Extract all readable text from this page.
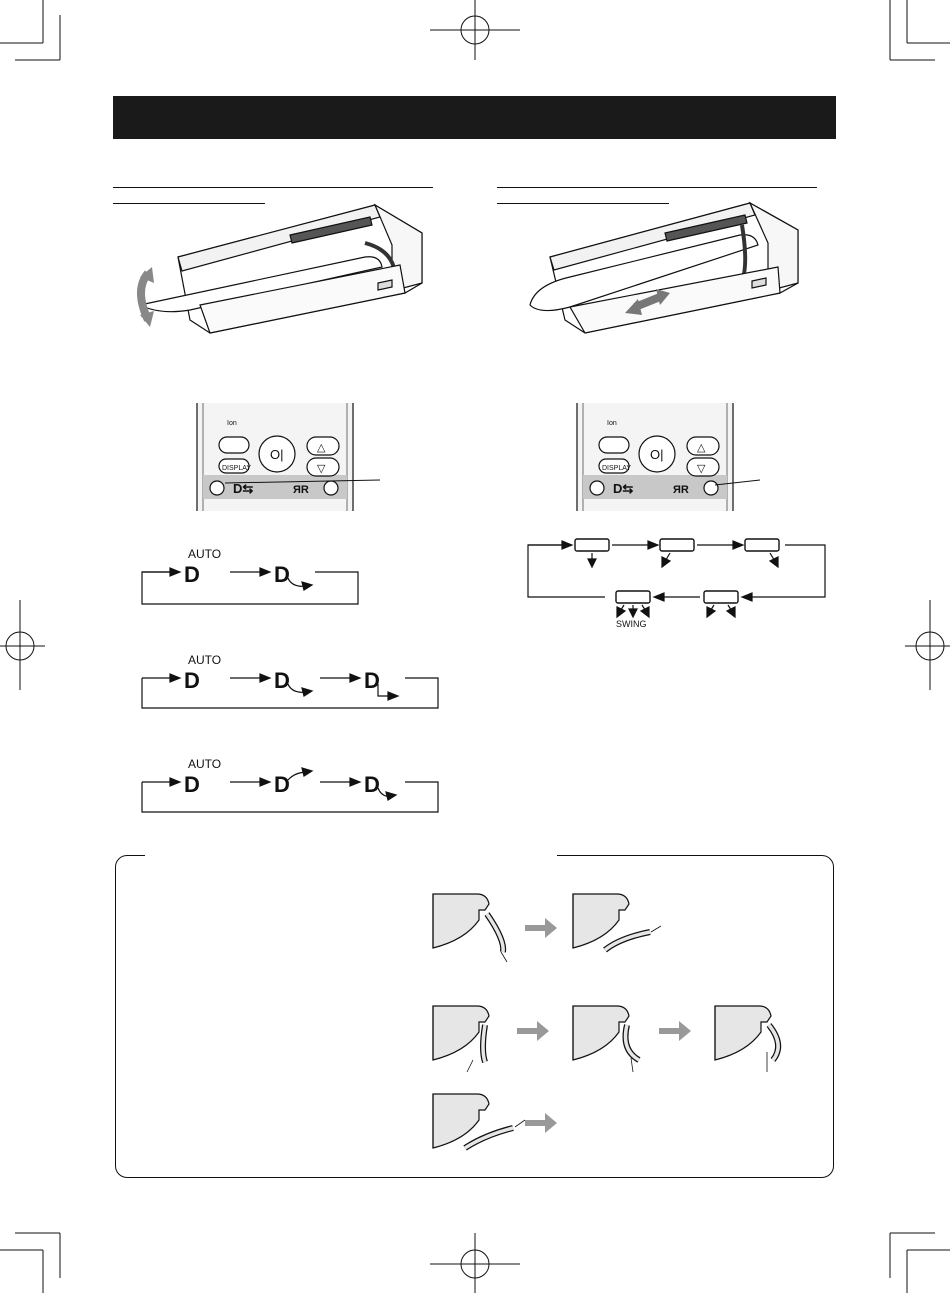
Ion
DISPLAY
O|	△
▽
D⇆	ЯR
Ion
DISPLAY
O|	△
▽
D⇆	ЯR
D	D
D	D	D
D	D	D
AUTO
AUTO
AUTO
SWING
